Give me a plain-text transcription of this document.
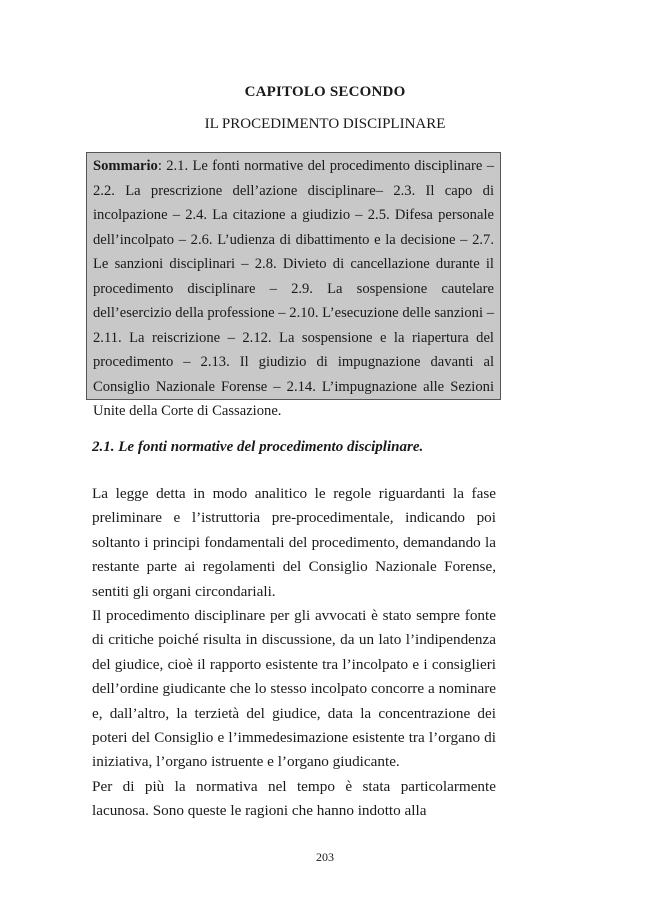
CAPITOLO SECONDO
IL PROCEDIMENTO DISCIPLINARE
Sommario: 2.1. Le fonti normative del procedimento disciplinare – 2.2. La prescrizione dell’azione disciplinare– 2.3. Il capo di incolpazione – 2.4. La citazione a giudizio – 2.5. Difesa personale dell’incolpato – 2.6. L’udienza di dibattimento e la decisione – 2.7. Le sanzioni disciplinari – 2.8. Divieto di cancellazione durante il procedimento disciplinare – 2.9. La sospensione cautelare dell’esercizio della professione – 2.10. L’esecuzione delle sanzioni – 2.11. La reiscrizione – 2.12. La sospensione e la riapertura del procedimento – 2.13. Il giudizio di impugnazione davanti al Consiglio Nazionale Forense – 2.14. L’impugnazione alle Sezioni Unite della Corte di Cassazione.
2.1. Le fonti normative del procedimento disciplinare.

La legge detta in modo analitico le regole riguardanti la fase preliminare e l’istruttoria pre-procedimentale, indicando poi soltanto i principi fondamentali del procedimento, demandando la restante parte ai regolamenti del Consiglio Nazionale Forense, sentiti gli organi circondariali.

Il procedimento disciplinare per gli avvocati è stato sempre fonte di critiche poiché risulta in discussione, da un lato l’indipendenza del giudice, cioè il rapporto esistente tra l’incolpato e i consiglieri dell’ordine giudicante che lo stesso incolpato concorre a nominare e, dall’altro, la terzietà del giudice, data la concentrazione dei poteri del Consiglio e l’immedesimazione esistente tra l’organo di iniziativa, l’organo istruente e l’organo giudicante.

Per di più la normativa nel tempo è stata particolarmente lacunosa. Sono queste le ragioni che hanno indotto alla

203
